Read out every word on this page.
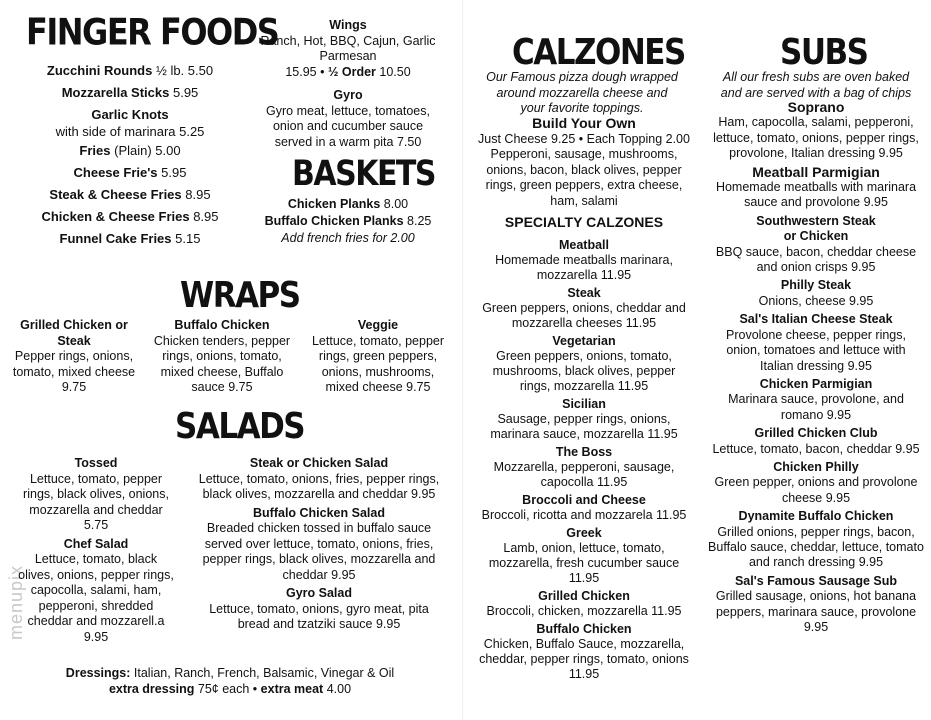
menupix
FINGER FOODS
Zucchini Rounds ½ lb. 5.50
Mozzarella Sticks 5.95
Garlic Knots
with side of marinara 5.25
Fries (Plain) 5.00
Cheese Frie's 5.95
Steak & Cheese Fries 8.95
Chicken & Cheese Fries 8.95
Funnel Cake Fries 5.15
Wings
Ranch, Hot, BBQ, Cajun, Garlic Parmesan
15.95 • ½ Order 10.50
Gyro
Gyro meat, lettuce, tomatoes, onion and cucumber sauce served in a warm pita 7.50
BASKETS
Chicken Planks 8.00
Buffalo Chicken Planks 8.25
Add french fries for 2.00
WRAPS
Grilled Chicken or Steak
Pepper rings, onions, tomato, mixed cheese 9.75
Buffalo Chicken
Chicken tenders, pepper rings, onions, tomato, mixed cheese, Buffalo sauce 9.75
Veggie
Lettuce, tomato, pepper rings, green peppers, onions, mushrooms, mixed cheese 9.75
SALADS
Tossed
Lettuce, tomato, pepper rings, black olives, onions, mozzarella and cheddar 5.75
Chef Salad
Lettuce, tomato, black olives, onions, pepper rings, capocolla, salami, ham, pepperoni, shredded cheddar and mozzarell.a 9.95
Steak or Chicken Salad
Lettuce, tomato, onions, fries, pepper rings, black olives, mozzarella and cheddar 9.95
Buffalo Chicken Salad
Breaded chicken tossed in buffalo sauce served over lettuce, tomato, onions, fries, pepper rings, black olives, mozzarella and cheddar 9.95
Gyro Salad
Lettuce, tomato, onions, gyro meat, pita bread and tzatziki sauce 9.95
Dressings: Italian, Ranch, French, Balsamic, Vinegar & Oil
extra dressing 75¢ each • extra meat 4.00
CALZONES
Our Famous pizza dough wrapped around mozzarella cheese and your favorite toppings.
Build Your Own
Just Cheese 9.25 • Each Topping 2.00 Pepperoni, sausage, mushrooms, onions, bacon, black olives, pepper rings, green peppers, extra cheese, ham, salami
SPECIALTY CALZONES
Meatball
Homemade meatballs marinara, mozzarella 11.95
Steak
Green peppers, onions, cheddar and mozzarella cheeses 11.95
Vegetarian
Green peppers, onions, tomato, mushrooms, black olives, pepper rings, mozzarella 11.95
Sicilian
Sausage, pepper rings, onions, marinara sauce, mozzarella 11.95
The Boss
Mozzarella, pepperoni, sausage, capocolla 11.95
Broccoli and Cheese
Broccoli, ricotta and mozzarela 11.95
Greek
Lamb, onion, lettuce, tomato, mozzarella, fresh cucumber sauce 11.95
Grilled Chicken
Broccoli, chicken, mozzarella 11.95
Buffalo Chicken
Chicken, Buffalo Sauce, mozzarella, cheddar, pepper rings, tomato, onions 11.95
SUBS
All our fresh subs are oven baked and are served with a bag of chips
Soprano
Ham, capocolla, salami, pepperoni, lettuce, tomato, onions, pepper rings, provolone, Italian dressing 9.95
Meatball Parmigian
Homemade meatballs with marinara sauce and provolone 9.95
Southwestern Steak or Chicken
BBQ sauce, bacon, cheddar cheese and onion crisps 9.95
Philly Steak
Onions, cheese 9.95
Sal's Italian Cheese Steak
Provolone cheese, pepper rings, onion, tomatoes and lettuce with Italian dressing 9.95
Chicken Parmigian
Marinara sauce, provolone, and romano 9.95
Grilled Chicken Club
Lettuce, tomato, bacon, cheddar 9.95
Chicken Philly
Green pepper, onions and provolone cheese 9.95
Dynamite Buffalo Chicken
Grilled onions, pepper rings, bacon, Buffalo sauce, cheddar, lettuce, tomato and ranch dressing 9.95
Sal's Famous Sausage Sub
Grilled sausage, onions, hot banana peppers, marinara sauce, provolone 9.95
